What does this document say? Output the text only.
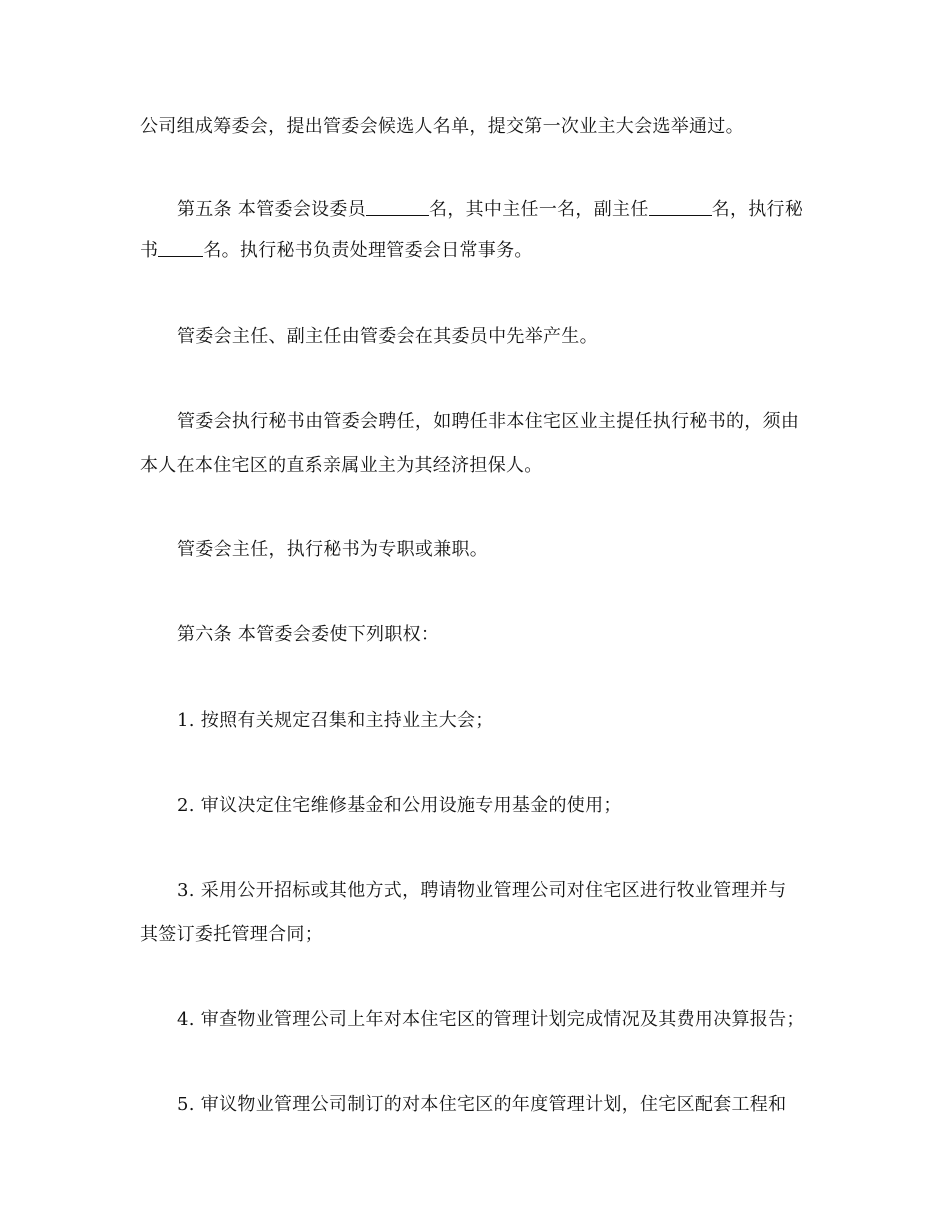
公司组成筹委会，提出管委会候选人名单，提交第一次业主大会选举通过。
第五条 本管委会设委员	名，其中主任一名，副主任	名，执行秘
书	名。执行秘书负责处理管委会日常事务。
管委会主任、副主任由管委会在其委员中先举产生。
管委会执行秘书由管委会聘任，如聘任非本住宅区业主提任执行秘书的，须由
本人在本住宅区的直系亲属业主为其经济担保人。
管委会主任，执行秘书为专职或兼职。
第六条 本管委会委使下列职权：
1. 按照有关规定召集和主持业主大会；
2. 审议决定住宅维修基金和公用设施专用基金的使用；
3. 采用公开招标或其他方式，聘请物业管理公司对住宅区进行牧业管理并与
其签订委托管理合同；
4. 审查物业管理公司上年对本住宅区的管理计划完成情况及其费用决算报告；
5. 审议物业管理公司制订的对本住宅区的年度管理计划，住宅区配套工程和
